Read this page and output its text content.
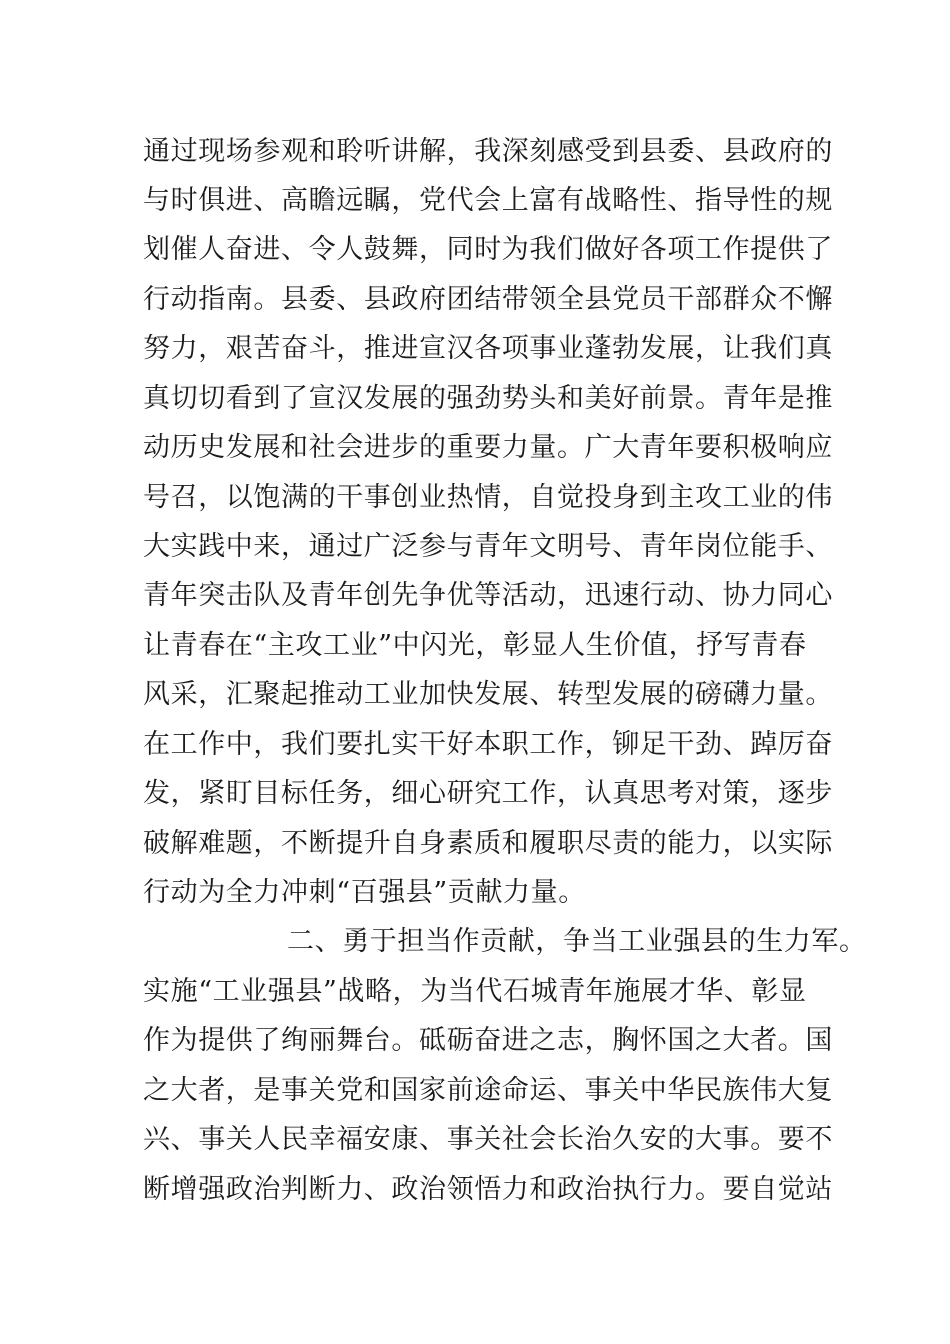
通过现场参观和聆听讲解，我深刻感受到县委、县政府的
与时俱进、高瞻远瞩，党代会上富有战略性、指导性的规
划催人奋进、令人鼓舞，同时为我们做好各项工作提供了
行动指南。县委、县政府团结带领全县党员干部群众不懈
努力，艰苦奋斗，推进宣汉各项事业蓬勃发展，让我们真
真切切看到了宣汉发展的强劲势头和美好前景。青年是推
动历史发展和社会进步的重要力量。广大青年要积极响应
号召，以饱满的干事创业热情，自觉投身到主攻工业的伟
大实践中来，通过广泛参与青年文明号、青年岗位能手、
青年突击队及青年创先争优等活动，迅速行动、协力同心
让青春在“主攻工业”中闪光，彰显人生价值，抒写青春
风采，汇聚起推动工业加快发展、转型发展的磅礴力量。
在工作中，我们要扎实干好本职工作，铆足干劲、踔厉奋
发，紧盯目标任务，细心研究工作，认真思考对策，逐步
破解难题，不断提升自身素质和履职尽责的能力，以实际
行动为全力冲刺“百强县”贡献力量。
二、勇于担当作贡献，争当工业强县的生力军。
实施“工业强县”战略，为当代石城青年施展才华、彰显
作为提供了绚丽舞台。砥砺奋进之志，胸怀国之大者。国
之大者，是事关党和国家前途命运、事关中华民族伟大复
兴、事关人民幸福安康、事关社会长治久安的大事。要不
断增强政治判断力、政治领悟力和政治执行力。要自觉站
